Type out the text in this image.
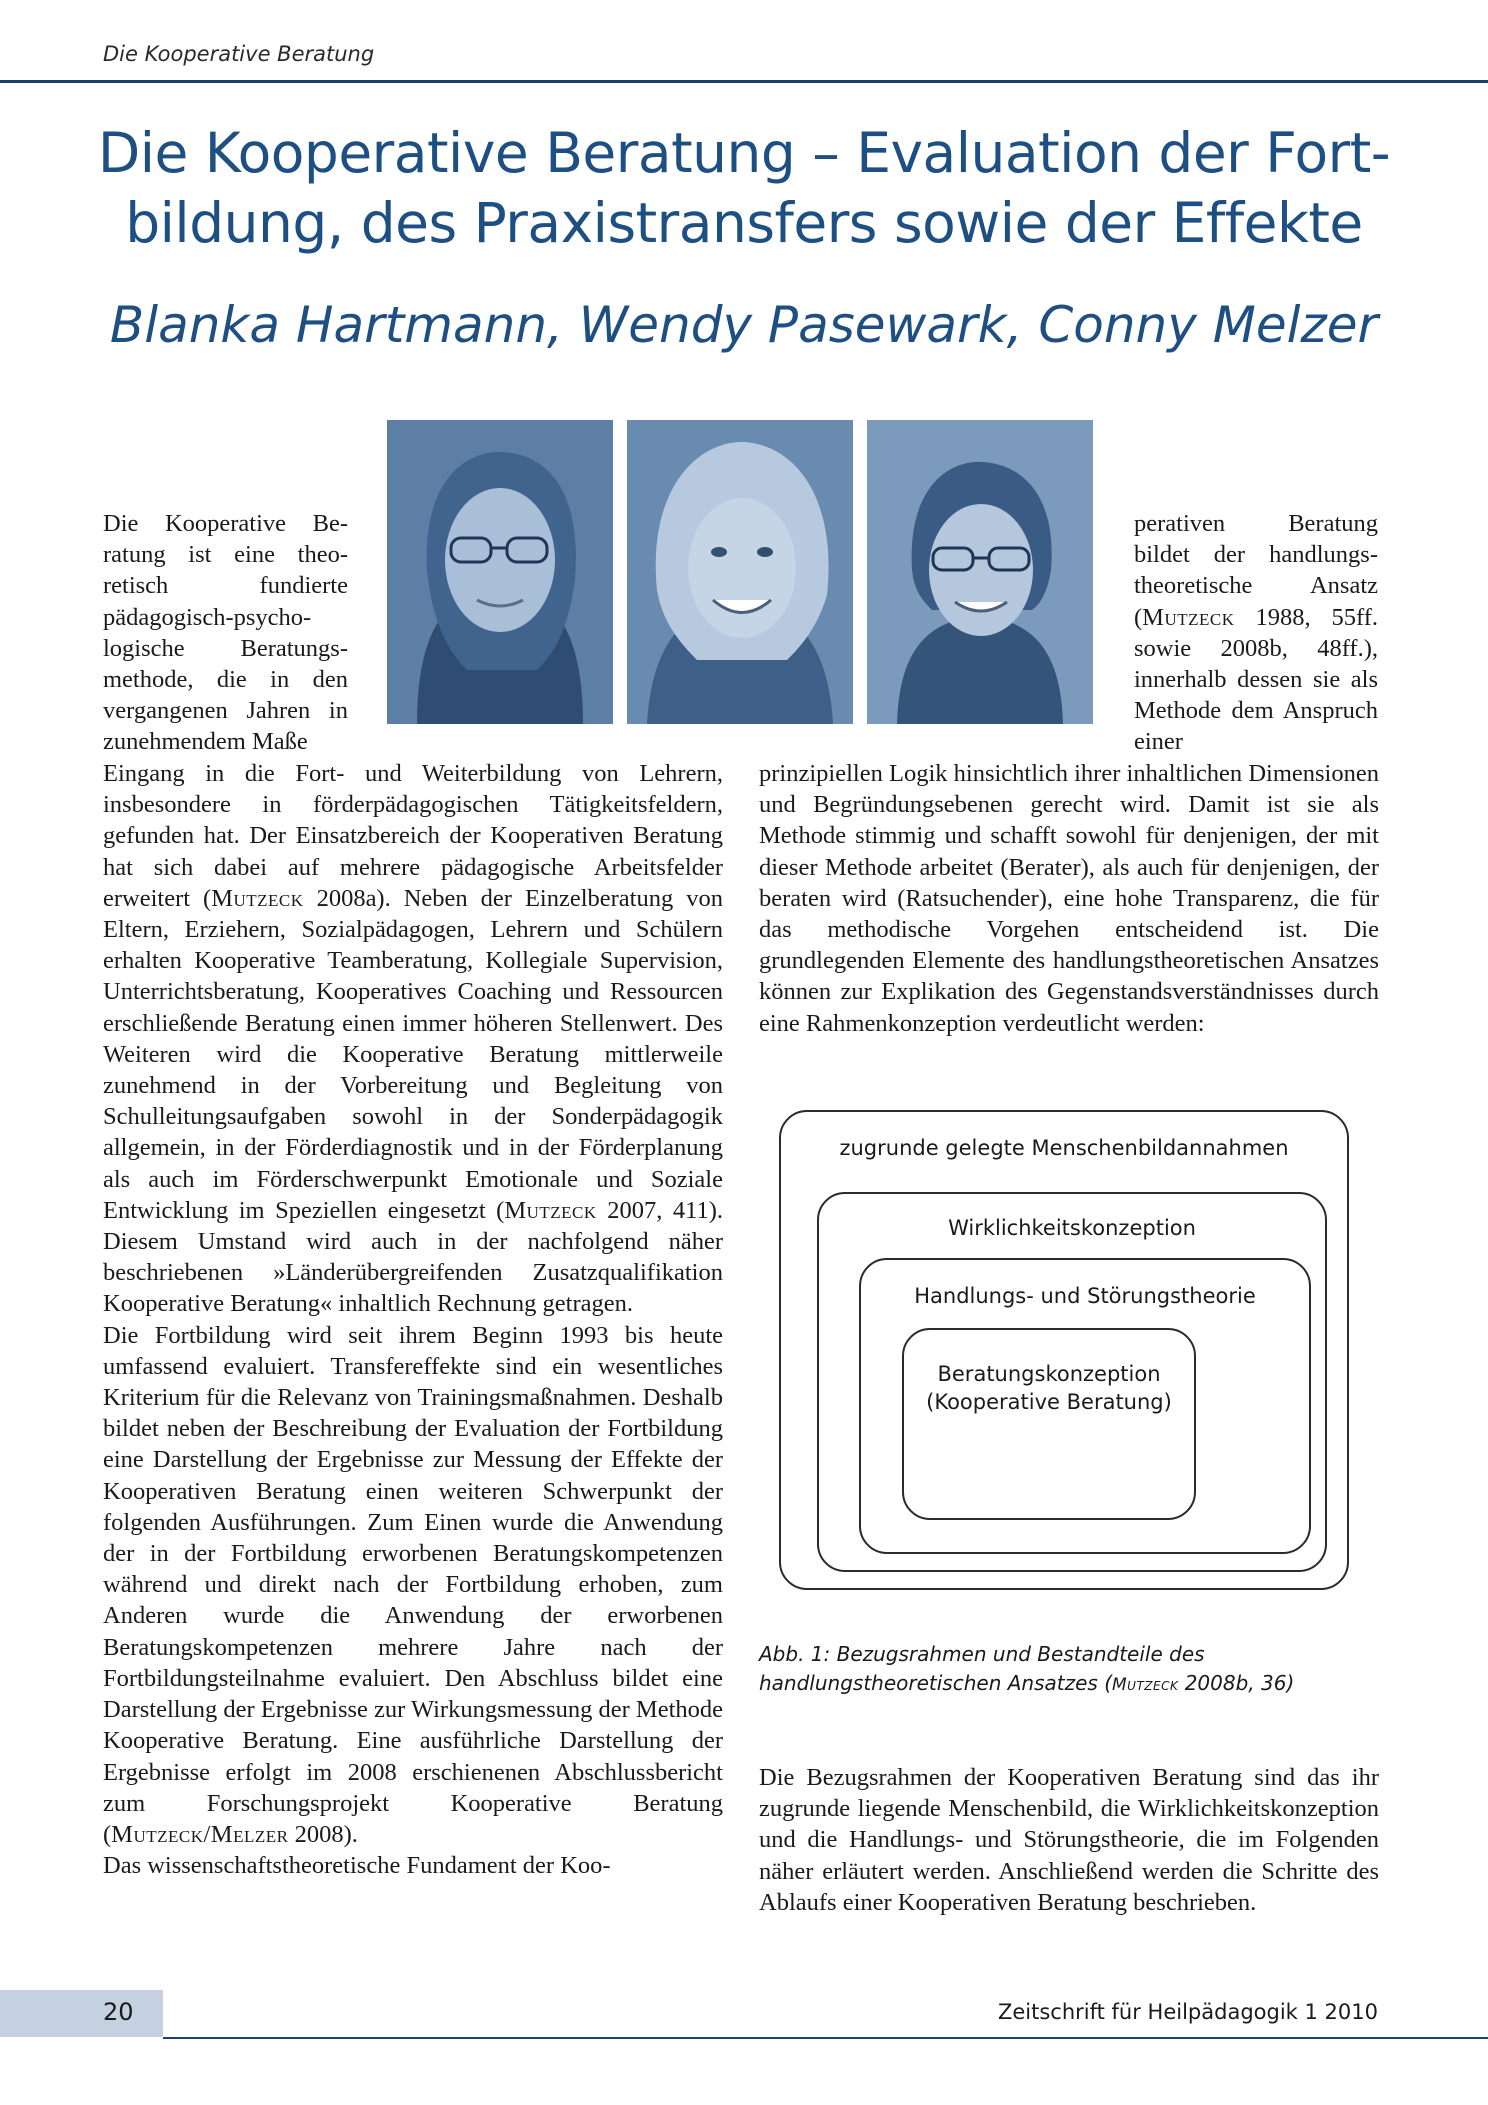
Die Kooperative Beratung
Die Kooperative Beratung – Evaluation der Fort-bildung, des Praxistransfers sowie der Effekte
Blanka Hartmann, Wendy Pasewark, Conny Melzer

Die Kooperative Beratung ist eine theoretisch fundierte pädagogisch-psychologische Beratungsmethode, die in den vergangenen Jahren in zunehmendem Maße

perativen Beratung bildet der handlungstheoretische Ansatz (Mutzeck 1988, 55ff. sowie 2008b, 48ff.), innerhalb dessen sie als Methode dem Anspruch einer

Eingang in die Fort- und Weiterbildung von Lehrern, insbesondere in förderpädagogischen Tätigkeitsfeldern, gefunden hat. Der Einsatzbereich der Kooperativen Beratung hat sich dabei auf mehrere pädagogische Arbeitsfelder erweitert (Mutzeck 2008a). Neben der Einzelberatung von Eltern, Erziehern, Sozialpädagogen, Lehrern und Schülern erhalten Kooperative Teamberatung, Kollegiale Supervision, Unterrichtsberatung, Kooperatives Coaching und Ressourcen erschließende Beratung einen immer höheren Stellenwert. Des Weiteren wird die Kooperative Beratung mittlerweile zunehmend in der Vorbereitung und Begleitung von Schulleitungsaufgaben sowohl in der Sonderpädagogik allgemein, in der Förderdiagnostik und in der Förderplanung als auch im Förderschwerpunkt Emotionale und Soziale Entwicklung im Speziellen eingesetzt (Mutzeck 2007, 411). Diesem Umstand wird auch in der nachfolgend näher beschriebenen »Länderübergreifenden Zusatzqualifikation Kooperative Beratung« inhaltlich Rechnung getragen.

Die Fortbildung wird seit ihrem Beginn 1993 bis heute umfassend evaluiert. Transfereffekte sind ein wesentliches Kriterium für die Relevanz von Trainingsmaßnahmen. Deshalb bildet neben der Beschreibung der Evaluation der Fortbildung eine Darstellung der Ergebnisse zur Messung der Effekte der Kooperativen Beratung einen weiteren Schwerpunkt der folgenden Ausführungen. Zum Einen wurde die Anwendung der in der Fortbildung erworbenen Beratungskompetenzen während und direkt nach der Fortbildung erhoben, zum Anderen wurde die Anwendung der erworbenen Beratungskompetenzen mehrere Jahre nach der Fortbildungsteilnahme evaluiert. Den Abschluss bildet eine Darstellung der Ergebnisse zur Wirkungsmessung der Methode Kooperative Beratung. Eine ausführliche Darstellung der Ergebnisse erfolgt im 2008 erschienenen Abschlussbericht zum Forschungsprojekt Kooperative Beratung (Mutzeck/Melzer 2008).

Das wissenschaftstheoretische Fundament der Koo-

prinzipiellen Logik hinsichtlich ihrer inhaltlichen Dimensionen und Begründungsebenen gerecht wird. Damit ist sie als Methode stimmig und schafft sowohl für denjenigen, der mit dieser Methode arbeitet (Berater), als auch für denjenigen, der beraten wird (Ratsuchender), eine hohe Transparenz, die für das methodische Vorgehen entscheidend ist. Die grundlegenden Elemente des handlungstheoretischen Ansatzes können zur Explikation des Gegenstandsverständnisses durch eine Rahmenkonzeption verdeutlicht werden:

zugrunde gelegte Menschenbildannahmen
Wirklichkeitskonzeption
Handlungs- und Störungstheorie
Beratungskonzeption
(Kooperative Beratung)
Abb. 1: Bezugsrahmen und Bestandteile des handlungstheoretischen Ansatzes (Mutzeck 2008b, 36)

Die Bezugsrahmen der Kooperativen Beratung sind das ihr zugrunde liegende Menschenbild, die Wirklichkeitskonzeption und die Handlungs- und Störungstheorie, die im Folgenden näher erläutert werden. Anschließend werden die Schritte des Ablaufs einer Kooperativen Beratung beschrieben.

20	Zeitschrift für Heilpädagogik 1 2010
